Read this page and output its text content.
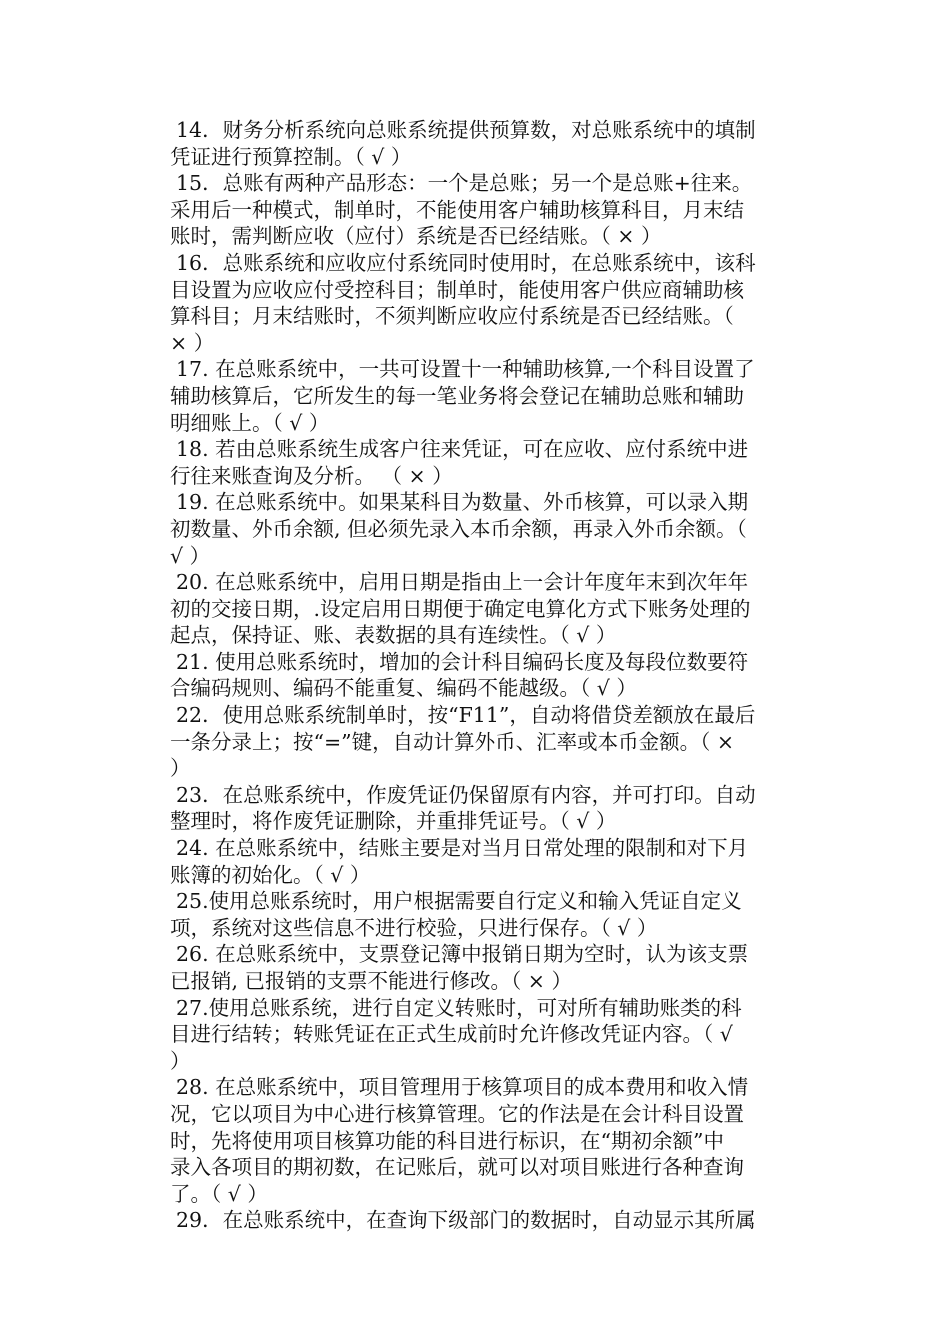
14．财务分析系统向总账系统提供预算数，对总账系统中的填制
凭证进行预算控制。（ √ ）
15．总账有两种产品形态：一个是总账；另一个是总账+往来。
采用后一种模式，制单时，不能使用客户辅助核算科目，月末结
账时，需判断应收（应付）系统是否已经结账。（ × ）
16．总账系统和应收应付系统同时使用时，在总账系统中，该科
目设置为应收应付受控科目；制单时，能使用客户供应商辅助核
算科目；月末结账时，不须判断应收应付系统是否已经结账。（
× ）
17. 在总账系统中，一共可设置十一种辅助核算,一个科目设置了
辅助核算后，它所发生的每一笔业务将会登记在辅助总账和辅助
明细账上。（ √ ）
18. 若由总账系统生成客户往来凭证，可在应收、应付系统中进
行往来账查询及分析。 （ × ）
19. 在总账系统中。如果某科目为数量、外币核算，可以录入期
初数量、外币余额, 但必须先录入本币余额，再录入外币余额。（
√ ）
20. 在总账系统中，启用日期是指由上一会计年度年末到次年年
初的交接日期，.设定启用日期便于确定电算化方式下账务处理的
起点，保持证、账、表数据的具有连续性。（ √ ）
21. 使用总账系统时，增加的会计科目编码长度及每段位数要符
合编码规则、编码不能重复、编码不能越级。（ √ ）
22．使用总账系统制单时，按“F11”，自动将借贷差额放在最后
一条分录上；按“=”键，自动计算外币、汇率或本币金额。（ ×
）
23．在总账系统中，作废凭证仍保留原有内容，并可打印。自动
整理时，将作废凭证删除，并重排凭证号。（ √ ）
24. 在总账系统中，结账主要是对当月日常处理的限制和对下月
账簿的初始化。（ √ ）
25.使用总账系统时，用户根据需要自行定义和输入凭证自定义
项，系统对这些信息不进行校验，只进行保存。（ √ ）
26. 在总账系统中，支票登记簿中报销日期为空时，认为该支票
已报销, 已报销的支票不能进行修改。（ × ）
27.使用总账系统，进行自定义转账时，可对所有辅助账类的科
目进行结转；转账凭证在正式生成前时允许修改凭证内容。（ √
）
28. 在总账系统中，项目管理用于核算项目的成本费用和收入情
况，它以项目为中心进行核算管理。它的作法是在会计科目设置
时，先将使用项目核算功能的科目进行标识，在“期初余额”中
录入各项目的期初数，在记账后，就可以对项目账进行各种查询
了。（ √ ）
29．在总账系统中，在查询下级部门的数据时，自动显示其所属
